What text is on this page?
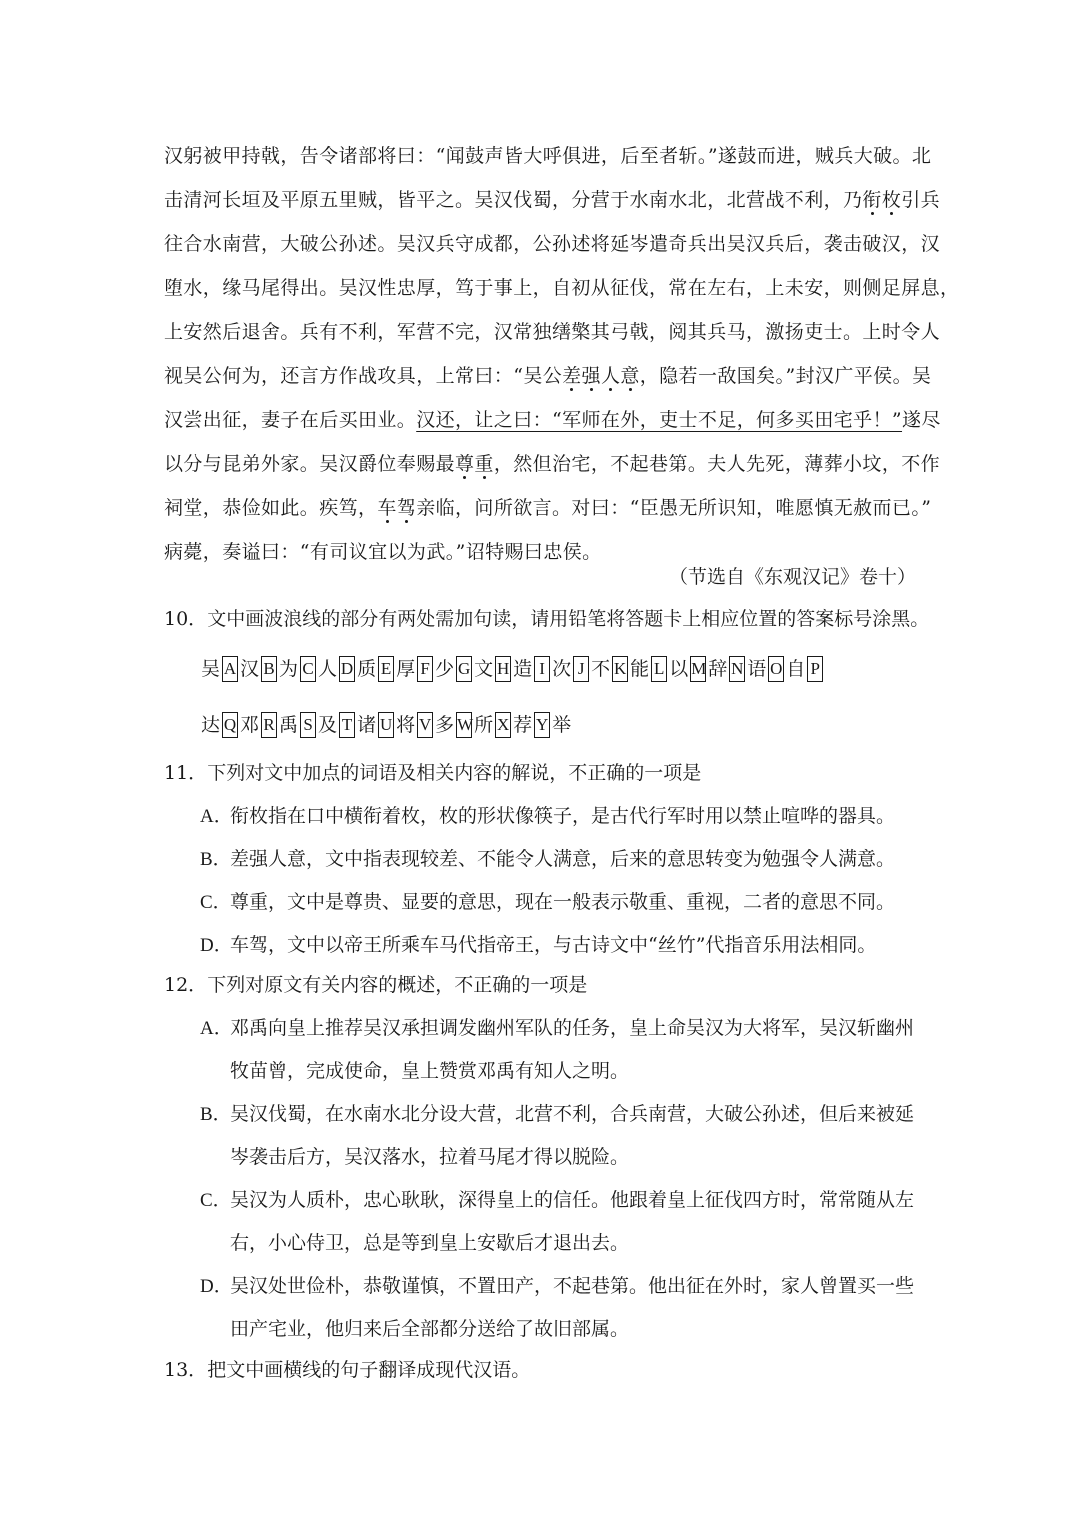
汉躬被甲持戟，告令诸部将曰：“闻鼓声皆大呼俱进，后至者斩。”遂鼓而进，贼兵大破。北
击清河长垣及平原五里贼，皆平之。吴汉伐蜀，分营于水南水北，北营战不利，乃衔枚引兵
往合水南营，大破公孙述。吴汉兵守成都，公孙述将延岑遣奇兵出吴汉兵后，袭击破汉，汉
堕水，缘马尾得出。吴汉性忠厚，笃于事上，自初从征伐，常在左右，上未安，则侧足屏息，
上安然后退舍。兵有不利，军营不完，汉常独缮檠其弓戟，阅其兵马，激扬吏士。上时令人
视吴公何为，还言方作战攻具，上常曰：“吴公差强人意，隐若一敌国矣。”封汉广平侯。吴
汉尝出征，妻子在后买田业。汉还，让之曰：“军师在外，吏士不足，何多买田宅乎！”遂尽
以分与昆弟外家。吴汉爵位奉赐最尊重，然但治宅，不起巷第。夫人先死，薄葬小坟，不作
祠堂，恭俭如此。疾笃，车驾亲临，问所欲言。对曰：“臣愚无所识知，唯愿慎无赦而已。”
病薨，奏谥曰：“有司议宜以为武。”诏特赐曰忠侯。
（节选自《东观汉记》卷十）
10．文中画波浪线的部分有两处需加句读，请用铅笔将答题卡上相应位置的答案标号涂黑。
吴 A 汉 B 为 C 人 D 质 E 厚 F 少 G 文 H 造 I 次 J 不 K 能 L 以 M 辞 N 语 O 自 P
达 Q 邓 R 禹 S 及 T 诸 U 将 V 多 W 所 X 荐 Y 举
11．下列对文中加点的词语及相关内容的解说，不正确的一项是
A．衔枚指在口中横衔着枚，枚的形状像筷子，是古代行军时用以禁止喧哗的器具。
B．差强人意，文中指表现较差、不能令人满意，后来的意思转变为勉强令人满意。
C．尊重，文中是尊贵、显要的意思，现在一般表示敬重、重视，二者的意思不同。
D．车驾，文中以帝王所乘车马代指帝王，与古诗文中“丝竹”代指音乐用法相同。
12．下列对原文有关内容的概述，不正确的一项是
A．邓禹向皇上推荐吴汉承担调发幽州军队的任务，皇上命吴汉为大将军，吴汉斩幽州
牧苗曾，完成使命，皇上赞赏邓禹有知人之明。
B．吴汉伐蜀，在水南水北分设大营，北营不利，合兵南营，大破公孙述，但后来被延
岑袭击后方，吴汉落水，拉着马尾才得以脱险。
C．吴汉为人质朴，忠心耿耿，深得皇上的信任。他跟着皇上征伐四方时，常常随从左
右，小心侍卫，总是等到皇上安歇后才退出去。
D．吴汉处世俭朴，恭敬谨慎，不置田产，不起巷第。他出征在外时，家人曾置买一些
田产宅业，他归来后全部都分送给了故旧部属。
13．把文中画横线的句子翻译成现代汉语。
